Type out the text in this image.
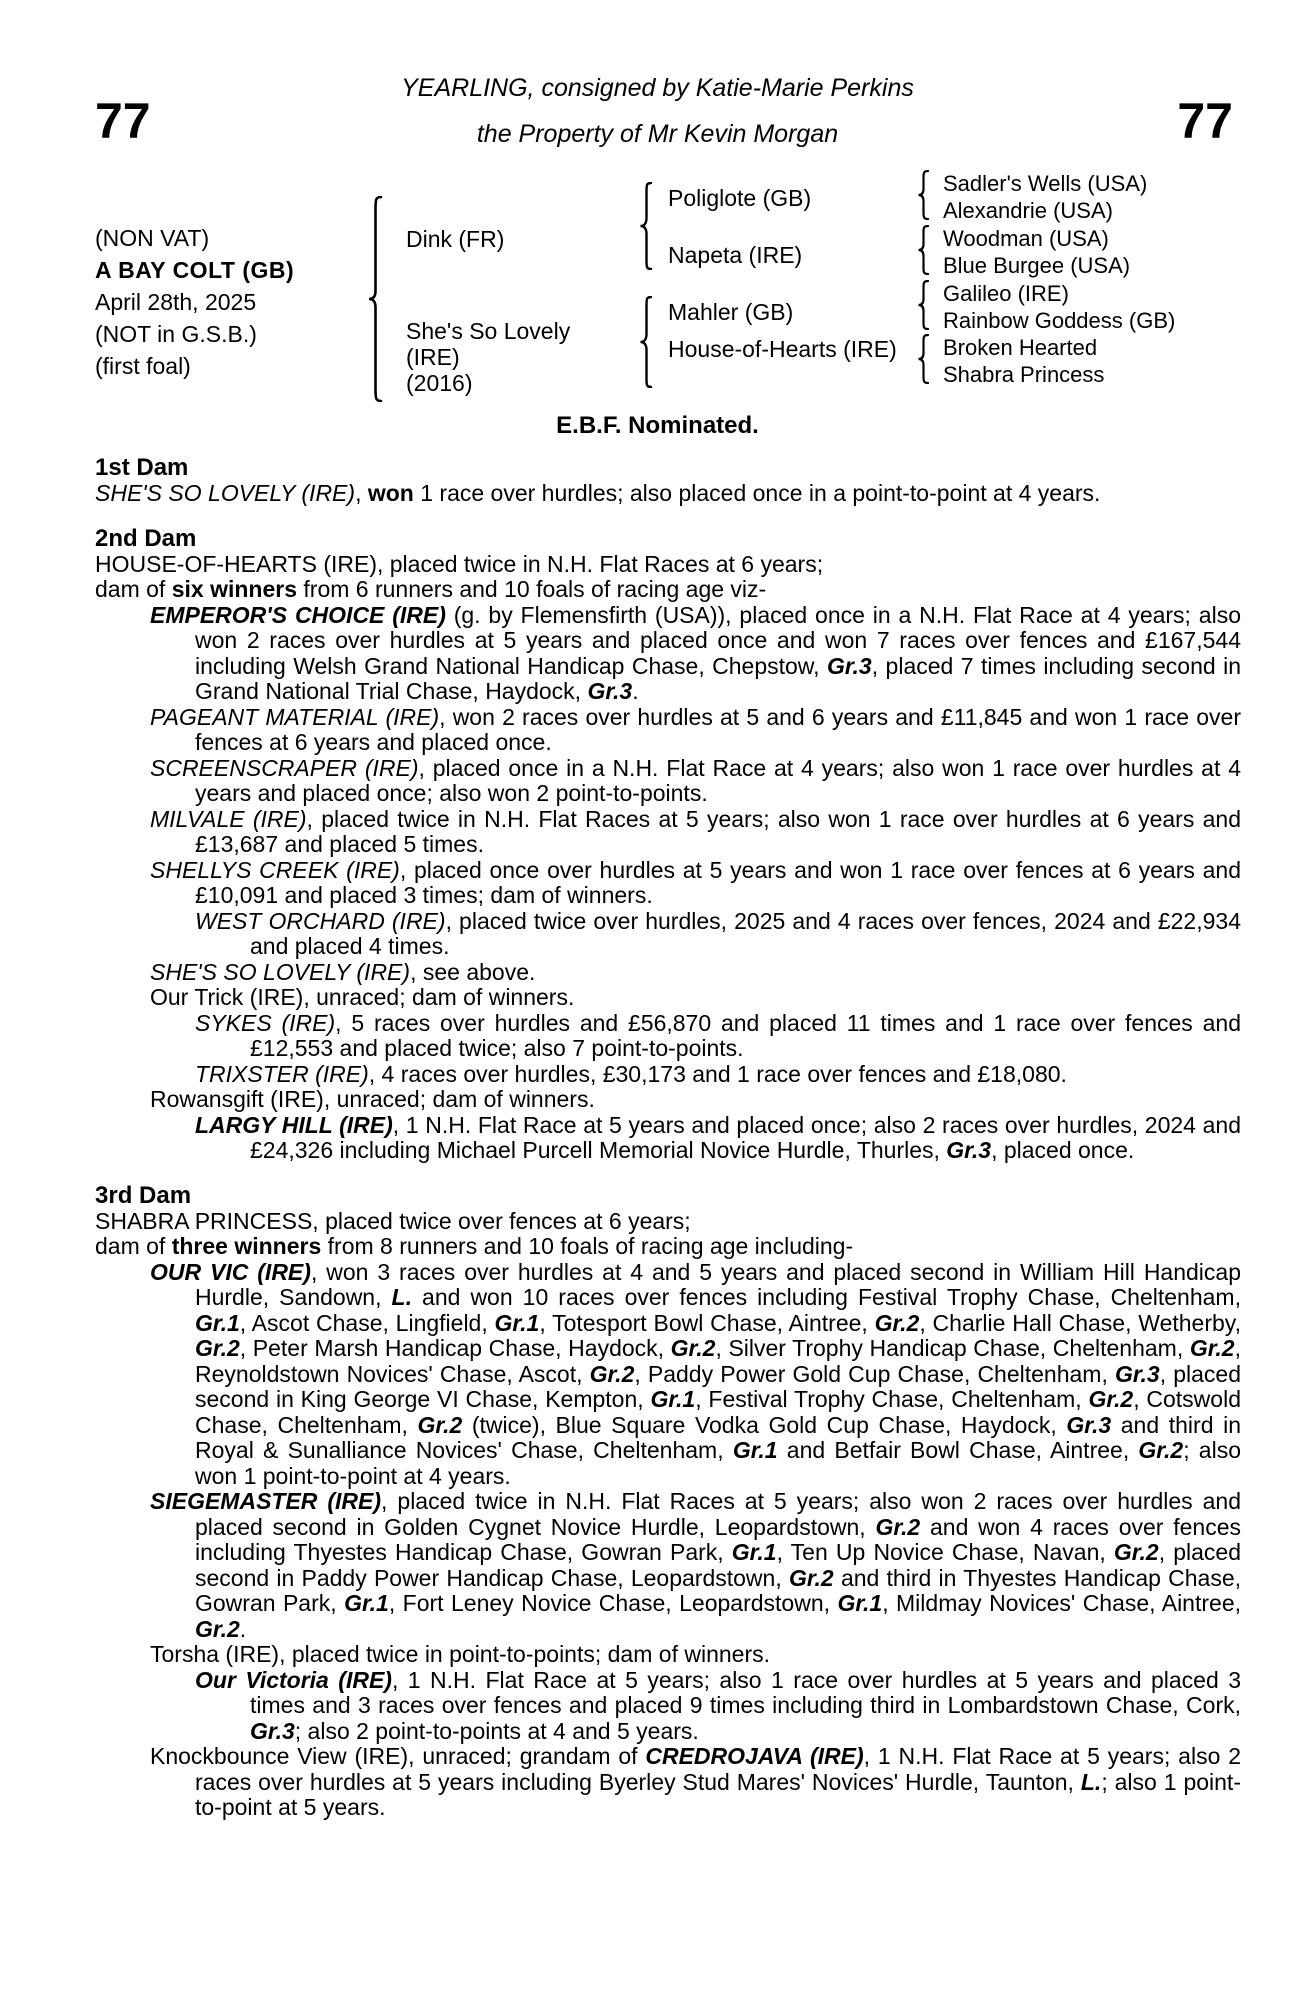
YEARLING, consigned by Katie-Marie Perkins
the Property of Mr Kevin Morgan
77	77
(NON VAT)
A BAY COLT (GB)
April 28th, 2025
(NOT in G.S.B.)
(first foal)
Dink (FR)
She's So Lovely
(IRE)
(2016)
Poliglote (GB)
Napeta (IRE)
Mahler (GB)
House-of-Hearts (IRE)
Sadler's Wells (USA)
Alexandrie (USA)
Woodman (USA)
Blue Burgee (USA)
Galileo (IRE)
Rainbow Goddess (GB)
Broken Hearted
Shabra Princess
E.B.F. Nominated.
1st Dam

SHE'S SO LOVELY (IRE), won 1 race over hurdles; also placed once in a point-to-point at 4 years.

2nd Dam

HOUSE-OF-HEARTS (IRE), placed twice in N.H. Flat Races at 6 years;

dam of six winners from 6 runners and 10 foals of racing age viz-

EMPEROR'S CHOICE (IRE) (g. by Flemensfirth (USA)), placed once in a N.H. Flat Race at 4 years; also won 2 races over hurdles at 5 years and placed once and won 7 races over fences and £167,544 including Welsh Grand National Handicap Chase, Chepstow, Gr.3, placed 7 times including second in Grand National Trial Chase, Haydock, Gr.3.

PAGEANT MATERIAL (IRE), won 2 races over hurdles at 5 and 6 years and £11,845 and won 1 race over fences at 6 years and placed once.

SCREENSCRAPER (IRE), placed once in a N.H. Flat Race at 4 years; also won 1 race over hurdles at 4 years and placed once; also won 2 point-to-points.

MILVALE (IRE), placed twice in N.H. Flat Races at 5 years; also won 1 race over hurdles at 6 years and £13,687 and placed 5 times.

SHELLYS CREEK (IRE), placed once over hurdles at 5 years and won 1 race over fences at 6 years and £10,091 and placed 3 times; dam of winners.

WEST ORCHARD (IRE), placed twice over hurdles, 2025 and 4 races over fences, 2024 and £22,934 and placed 4 times.

SHE'S SO LOVELY (IRE), see above.

Our Trick (IRE), unraced; dam of winners.

SYKES (IRE), 5 races over hurdles and £56,870 and placed 11 times and 1 race over fences and £12,553 and placed twice; also 7 point-to-points.

TRIXSTER (IRE), 4 races over hurdles, £30,173 and 1 race over fences and £18,080.

Rowansgift (IRE), unraced; dam of winners.

LARGY HILL (IRE), 1 N.H. Flat Race at 5 years and placed once; also 2 races over hurdles, 2024 and £24,326 including Michael Purcell Memorial Novice Hurdle, Thurles, Gr.3, placed once.

3rd Dam

SHABRA PRINCESS, placed twice over fences at 6 years;

dam of three winners from 8 runners and 10 foals of racing age including-

OUR VIC (IRE), won 3 races over hurdles at 4 and 5 years and placed second in William Hill Handicap Hurdle, Sandown, L. and won 10 races over fences including Festival Trophy Chase, Cheltenham, Gr.1, Ascot Chase, Lingfield, Gr.1, Totesport Bowl Chase, Aintree, Gr.2, Charlie Hall Chase, Wetherby, Gr.2, Peter Marsh Handicap Chase, Haydock, Gr.2, Silver Trophy Handicap Chase, Cheltenham, Gr.2, Reynoldstown Novices' Chase, Ascot, Gr.2, Paddy Power Gold Cup Chase, Cheltenham, Gr.3, placed second in King George VI Chase, Kempton, Gr.1, Festival Trophy Chase, Cheltenham, Gr.2, Cotswold Chase, Cheltenham, Gr.2 (twice), Blue Square Vodka Gold Cup Chase, Haydock, Gr.3 and third in Royal & Sunalliance Novices' Chase, Cheltenham, Gr.1 and Betfair Bowl Chase, Aintree, Gr.2; also won 1 point-to-point at 4 years.

SIEGEMASTER (IRE), placed twice in N.H. Flat Races at 5 years; also won 2 races over hurdles and placed second in Golden Cygnet Novice Hurdle, Leopardstown, Gr.2 and won 4 races over fences including Thyestes Handicap Chase, Gowran Park, Gr.1, Ten Up Novice Chase, Navan, Gr.2, placed second in Paddy Power Handicap Chase, Leopardstown, Gr.2 and third in Thyestes Handicap Chase, Gowran Park, Gr.1, Fort Leney Novice Chase, Leopardstown, Gr.1, Mildmay Novices' Chase, Aintree, Gr.2.

Torsha (IRE), placed twice in point-to-points; dam of winners.

Our Victoria (IRE), 1 N.H. Flat Race at 5 years; also 1 race over hurdles at 5 years and placed 3 times and 3 races over fences and placed 9 times including third in Lombardstown Chase, Cork, Gr.3; also 2 point-to-points at 4 and 5 years.

Knockbounce View (IRE), unraced; grandam of CREDROJAVA (IRE), 1 N.H. Flat Race at 5 years; also 2 races over hurdles at 5 years including Byerley Stud Mares' Novices' Hurdle, Taunton, L.; also 1 point-to-point at 5 years.
